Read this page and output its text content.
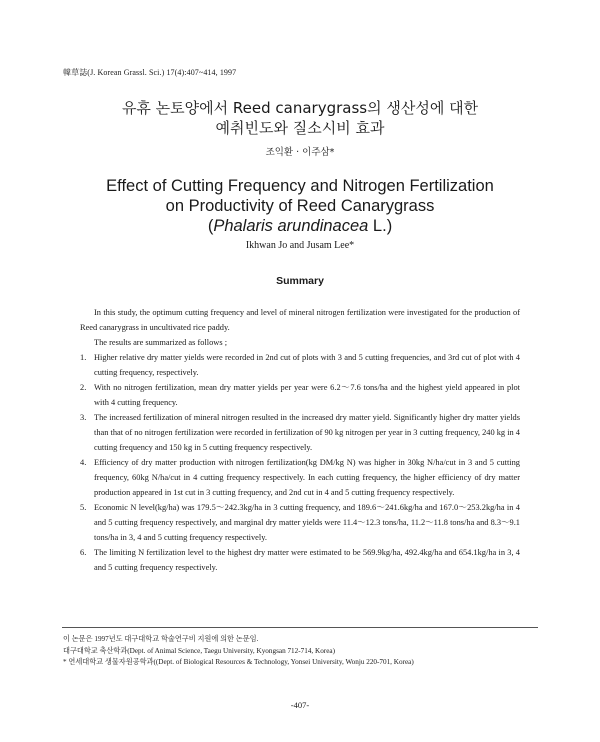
韓草誌(J. Korean Grassl. Sci.) 17(4):407~414, 1997
유휴 논토양에서 Reed canarygrass의 생산성에 대한
예취빈도와 질소시비 효과
조익환 · 이주삼*
Effect of Cutting Frequency and Nitrogen Fertilization
on Productivity of Reed Canarygrass
(Phalaris arundinacea L.)
Ikhwan Jo and Jusam Lee*
Summary

In this study, the optimum cutting frequency and level of mineral nitrogen fertilization were investigated for the production of Reed canarygrass in uncultivated rice paddy.

The results are summarized as follows ;

1. Higher relative dry matter yields were recorded in 2nd cut of plots with 3 and 5 cutting frequencies, and 3rd cut of plot with 4 cutting frequency, respectively.
2. With no nitrogen fertilization, mean dry matter yields per year were 6.2～7.6 tons/ha and the highest yield appeared in plot with 4 cutting frequency.
3. The increased fertilization of mineral nitrogen resulted in the increased dry matter yield. Significantly higher dry matter yields than that of no nitrogen fertilization were recorded in fertilization of 90 kg nitrogen per year in 3 cutting frequency, 240 kg in 4 cutting frequency and 150 kg in 5 cutting frequency respectively.
4. Efficiency of dry matter production with nitrogen fertilization(kg DM/kg N) was higher in 30kg N/ha/cut in 3 and 5 cutting frequency, 60kg N/ha/cut in 4 cutting frequency respectively. In each cutting frequency, the higher efficiency of dry matter production appeared in 1st cut in 3 cutting frequency, and 2nd cut in 4 and 5 cutting frequency respectively.
5. Economic N level(kg/ha) was 179.5～242.3kg/ha in 3 cutting frequency, and 189.6～241.6kg/ha and 167.0～253.2kg/ha in 4 and 5 cutting frequency respectively, and marginal dry matter yields were 11.4～12.3 tons/ha, 11.2～11.8 tons/ha and 8.3～9.1 tons/ha in 3, 4 and 5 cutting frequency respectively.
6. The limiting N fertilization level to the highest dry matter were estimated to be 569.9kg/ha, 492.4kg/ha and 654.1kg/ha in 3, 4 and 5 cutting frequency respectively.
이 논문은 1997년도 대구대학교 학술연구비 지원에 의한 논문임.
대구대학교 축산학과(Dept. of Animal Science, Taegu University, Kyongsan 712-714, Korea)
* 연세대학교 생물자원공학과((Dept. of Biological Resources & Technology, Yonsei University, Wonju 220-701, Korea)
-407-
